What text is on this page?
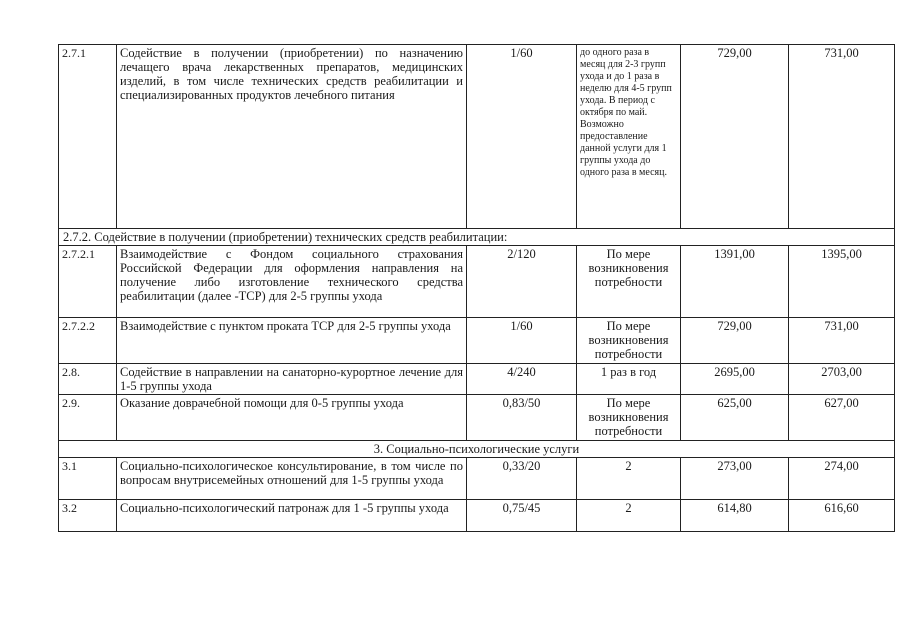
2.7.1	Содействие в получении (приобретении) по назначению лечащего врача лекарственных препаратов, медицинских изделий, в том числе технических средств реабилитации и специализированных продуктов лечебного питания	1/60	до одного раза в месяц для 2-3 групп ухода и до 1 раза в неделю для 4-5 групп ухода. В период с октября по май. Возможно предоставление данной услуги для 1 группы ухода до одного раза в месяц.	729,00	731,00
2.7.2. Содействие в получении (приобретении) технических средств реабилитации:					
2.7.2.1	Взаимодействие с Фондом социального страхования Российской Федерации для оформления направления на получение либо изготовление технического средства реабилитации (далее -ТСР) для 2-5 группы ухода	2/120	По мере возникновения потребности	1391,00	1395,00
2.7.2.2	Взаимодействие с пунктом проката ТСР для 2-5 группы ухода	1/60	По мере возникновения потребности	729,00	731,00
2.8.	Содействие в направлении на санаторно-курортное лечение для 1-5 группы ухода	4/240	1 раз в год	2695,00	2703,00
2.9.	Оказание доврачебной помощи для 0-5 группы ухода	0,83/50	По мере возникновения потребности	625,00	627,00
3. Социально-психологические услуги					
3.1	Социально-психологическое консультирование, в том числе по вопросам внутрисемейных отношений для 1-5 группы ухода	0,33/20	2	273,00	274,00
3.2	Социально-психологический патронаж для 1 -5 группы ухода	0,75/45	2	614,80	616,60
